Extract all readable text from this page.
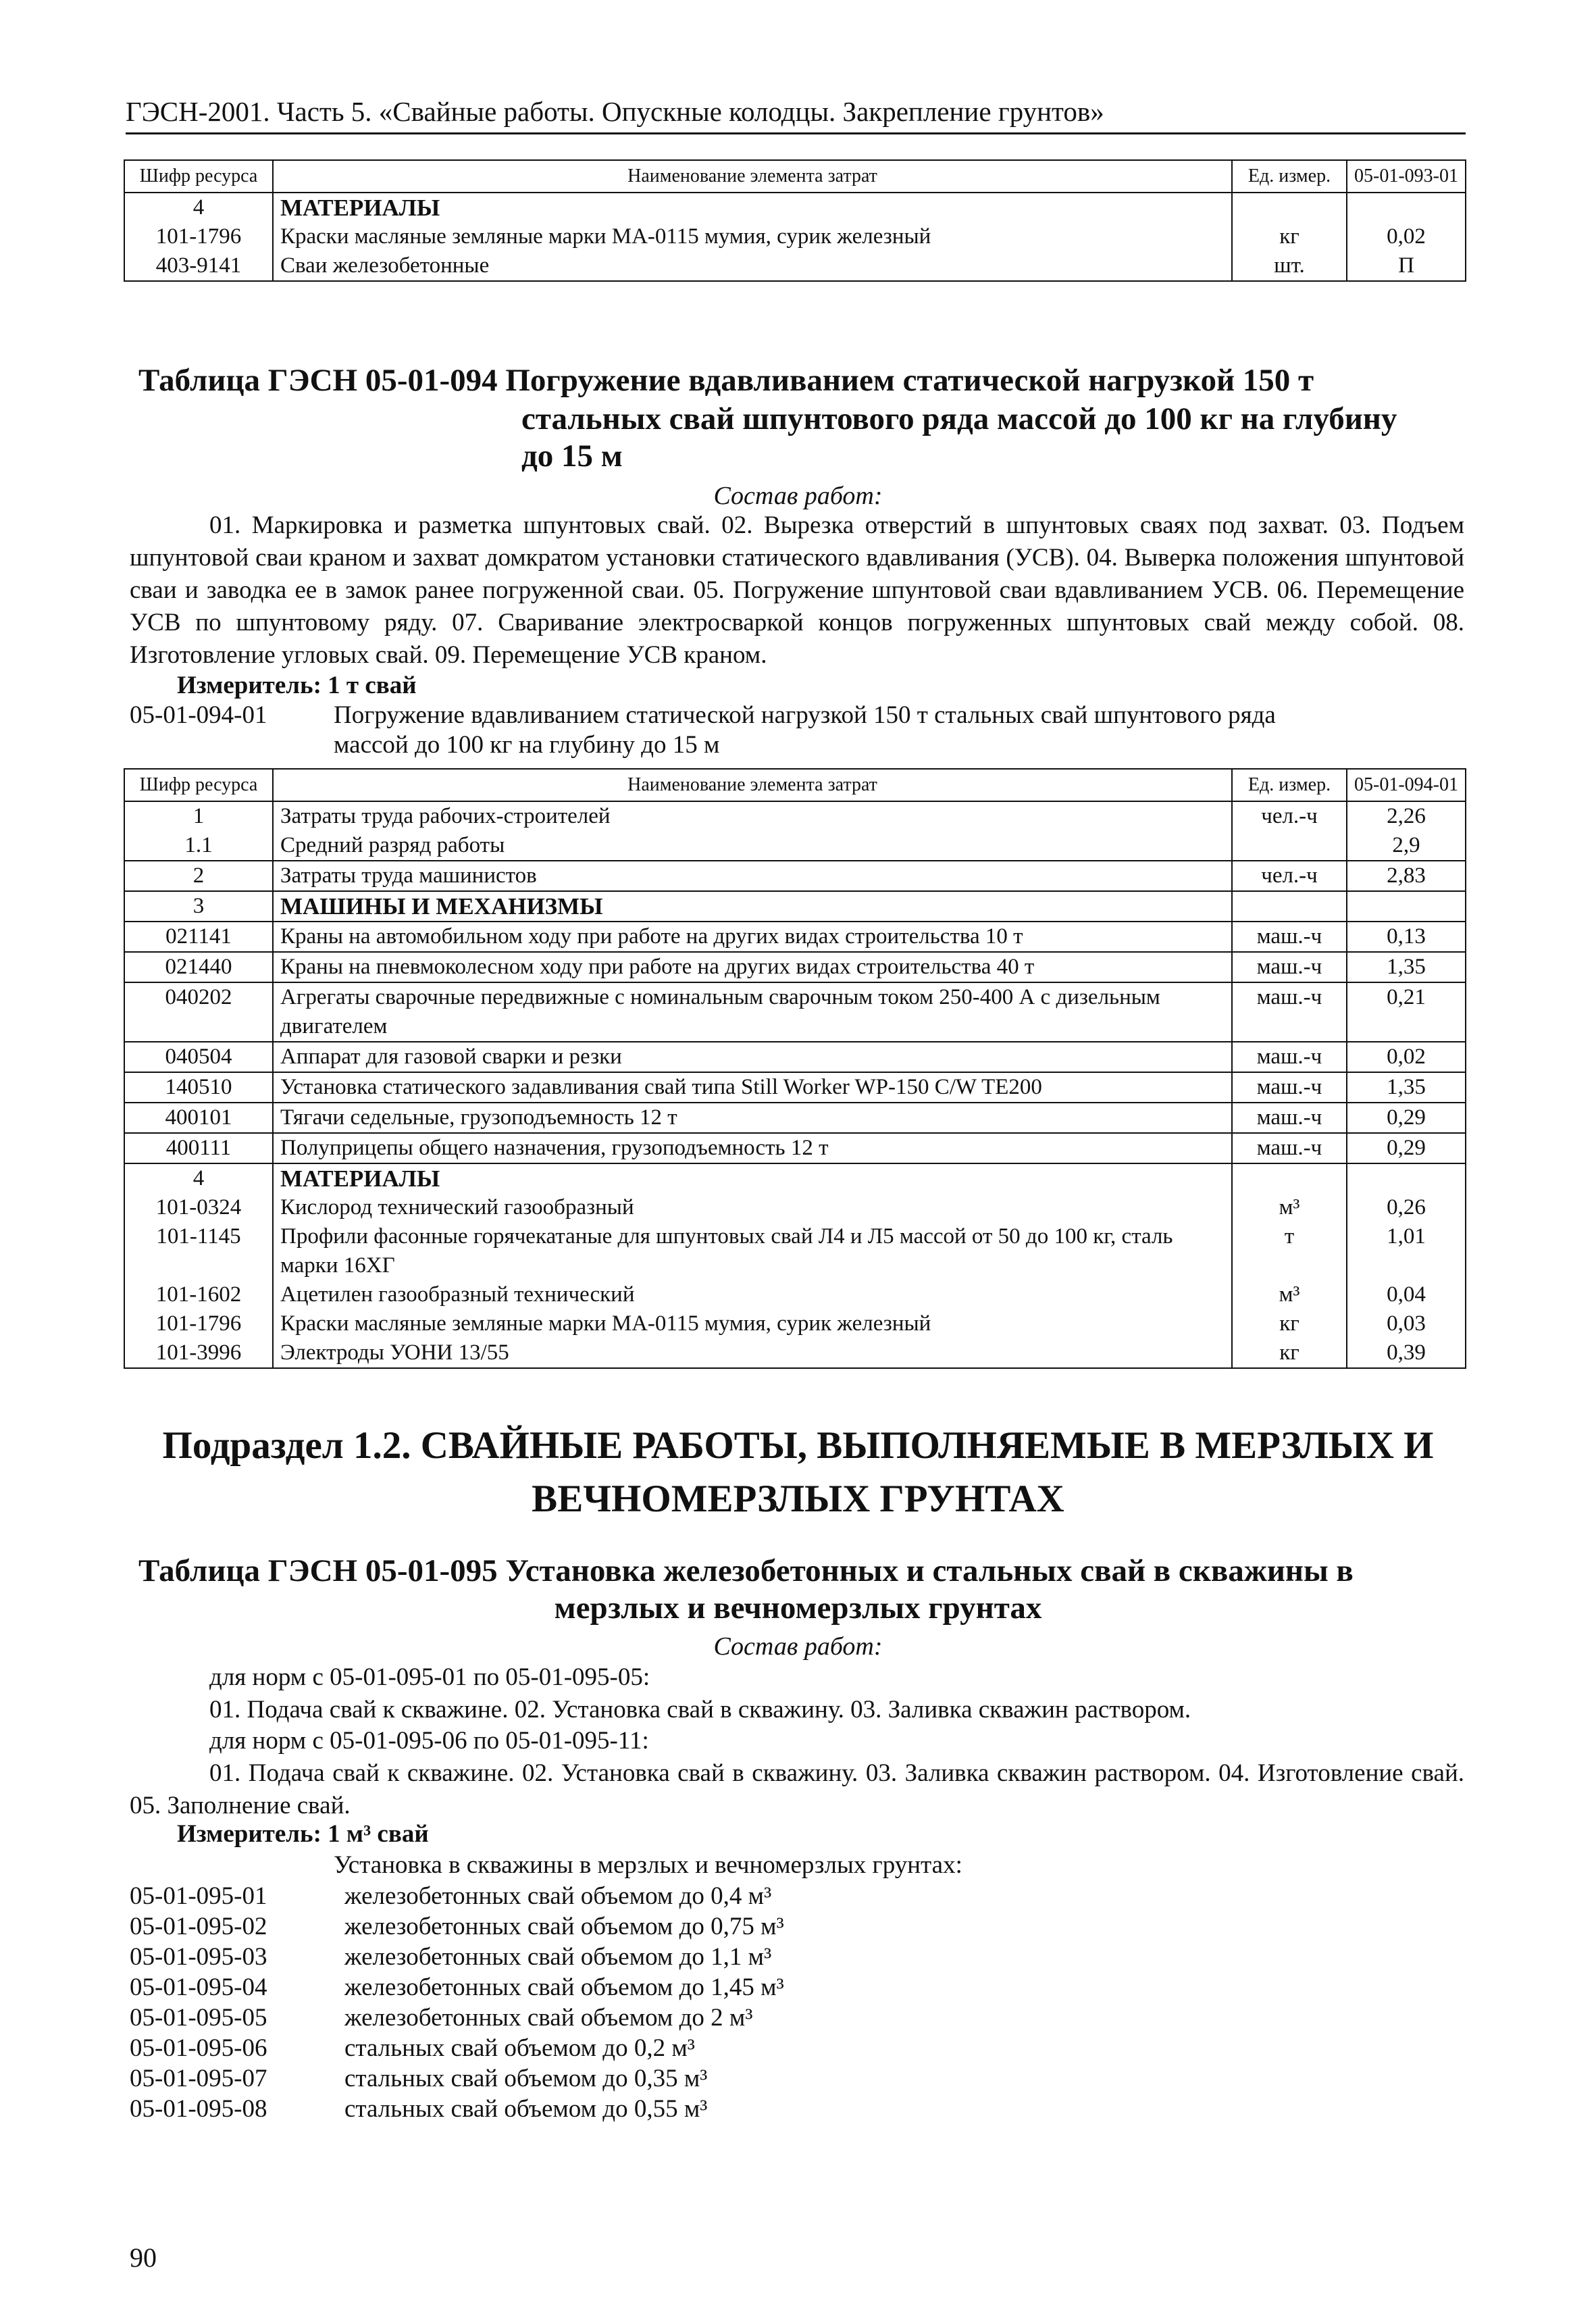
ГЭСН-2001. Часть 5. «Свайные работы. Опускные колодцы. Закрепление грунтов»
Шифр ресурса	Наименование элемента затрат	Ед. измер.	05-01-093-01
4	МАТЕРИАЛЫ		
101-1796	Краски масляные земляные марки МА-0115 мумия, сурик железный	кг	0,02
403-9141	Сваи железобетонные	шт.	П
Таблица ГЭСН 05-01-094 Погружение вдавливанием статической нагрузкой 150 т
стальных свай шпунтового ряда массой до 100 кг на глубину
до 15 м
Состав работ:
01. Маркировка и разметка шпунтовых свай. 02. Вырезка отверстий в шпунтовых сваях под захват. 03. Подъем шпунтовой сваи краном и захват домкратом установки статического вдавливания (УСВ). 04. Выверка положения шпунтовой сваи и заводка ее в замок ранее погруженной сваи. 05. Погружение шпунтовой сваи вдавливанием УСВ. 06. Перемещение УСВ по шпунтовому ряду. 07. Сваривание электросваркой концов погруженных шпунтовых свай между собой. 08. Изготовление угловых свай. 09. Перемещение УСВ краном.
Измеритель: 1 т свай
05-01-094-01	Погружение вдавливанием статической нагрузкой 150 т стальных свай шпунтового ряда
массой до 100 кг на глубину до 15 м
Шифр ресурса	Наименование элемента затрат	Ед. измер.	05-01-094-01
1	Затраты труда рабочих-строителей	чел.-ч	2,26
1.1	Средний разряд работы		2,9
2	Затраты труда машинистов	чел.-ч	2,83
3	МАШИНЫ И МЕХАНИЗМЫ		
021141	Краны на автомобильном ходу при работе на других видах строительства 10 т	маш.-ч	0,13
021440	Краны на пневмоколесном ходу при работе на других видах строительства 40 т	маш.-ч	1,35
040202	Агрегаты сварочные передвижные с номинальным сварочным током 250-400 А с дизельным двигателем	маш.-ч	0,21
040504	Аппарат для газовой сварки и резки	маш.-ч	0,02
140510	Установка статического задавливания свай типа Still Worker WP-150 C/W TE200	маш.-ч	1,35
400101	Тягачи седельные, грузоподъемность 12 т	маш.-ч	0,29
400111	Полуприцепы общего назначения, грузоподъемность 12 т	маш.-ч	0,29
4	МАТЕРИАЛЫ		
101-0324	Кислород технический газообразный	м³	0,26
101-1145	Профили фасонные горячекатаные для шпунтовых свай Л4 и Л5 массой от 50 до 100 кг, сталь марки 16ХГ	т	1,01
101-1602	Ацетилен газообразный технический	м³	0,04
101-1796	Краски масляные земляные марки МА-0115 мумия, сурик железный	кг	0,03
101-3996	Электроды УОНИ 13/55	кг	0,39
Подраздел 1.2. СВАЙНЫЕ РАБОТЫ, ВЫПОЛНЯЕМЫЕ В МЕРЗЛЫХ И
ВЕЧНОМЕРЗЛЫХ ГРУНТАХ
Таблица ГЭСН 05-01-095 Установка железобетонных и стальных свай в скважины в
мерзлых и вечномерзлых грунтах
Состав работ:
для норм с 05-01-095-01 по 05-01-095-05:
01. Подача свай к скважине. 02. Установка свай в скважину. 03. Заливка скважин раствором.
для норм с 05-01-095-06 по 05-01-095-11:
01. Подача свай к скважине. 02. Установка свай в скважину. 03. Заливка скважин раствором. 04. Изготовление свай. 05. Заполнение свай.
Измеритель: 1 м³ свай
Установка в скважины в мерзлых и вечномерзлых грунтах:
05-01-095-01	железобетонных свай объемом до 0,4 м³
05-01-095-02	железобетонных свай объемом до 0,75 м³
05-01-095-03	железобетонных свай объемом до 1,1 м³
05-01-095-04	железобетонных свай объемом до 1,45 м³
05-01-095-05	железобетонных свай объемом до 2 м³
05-01-095-06	стальных свай объемом до 0,2 м³
05-01-095-07	стальных свай объемом до 0,35 м³
05-01-095-08	стальных свай объемом до 0,55 м³
90
